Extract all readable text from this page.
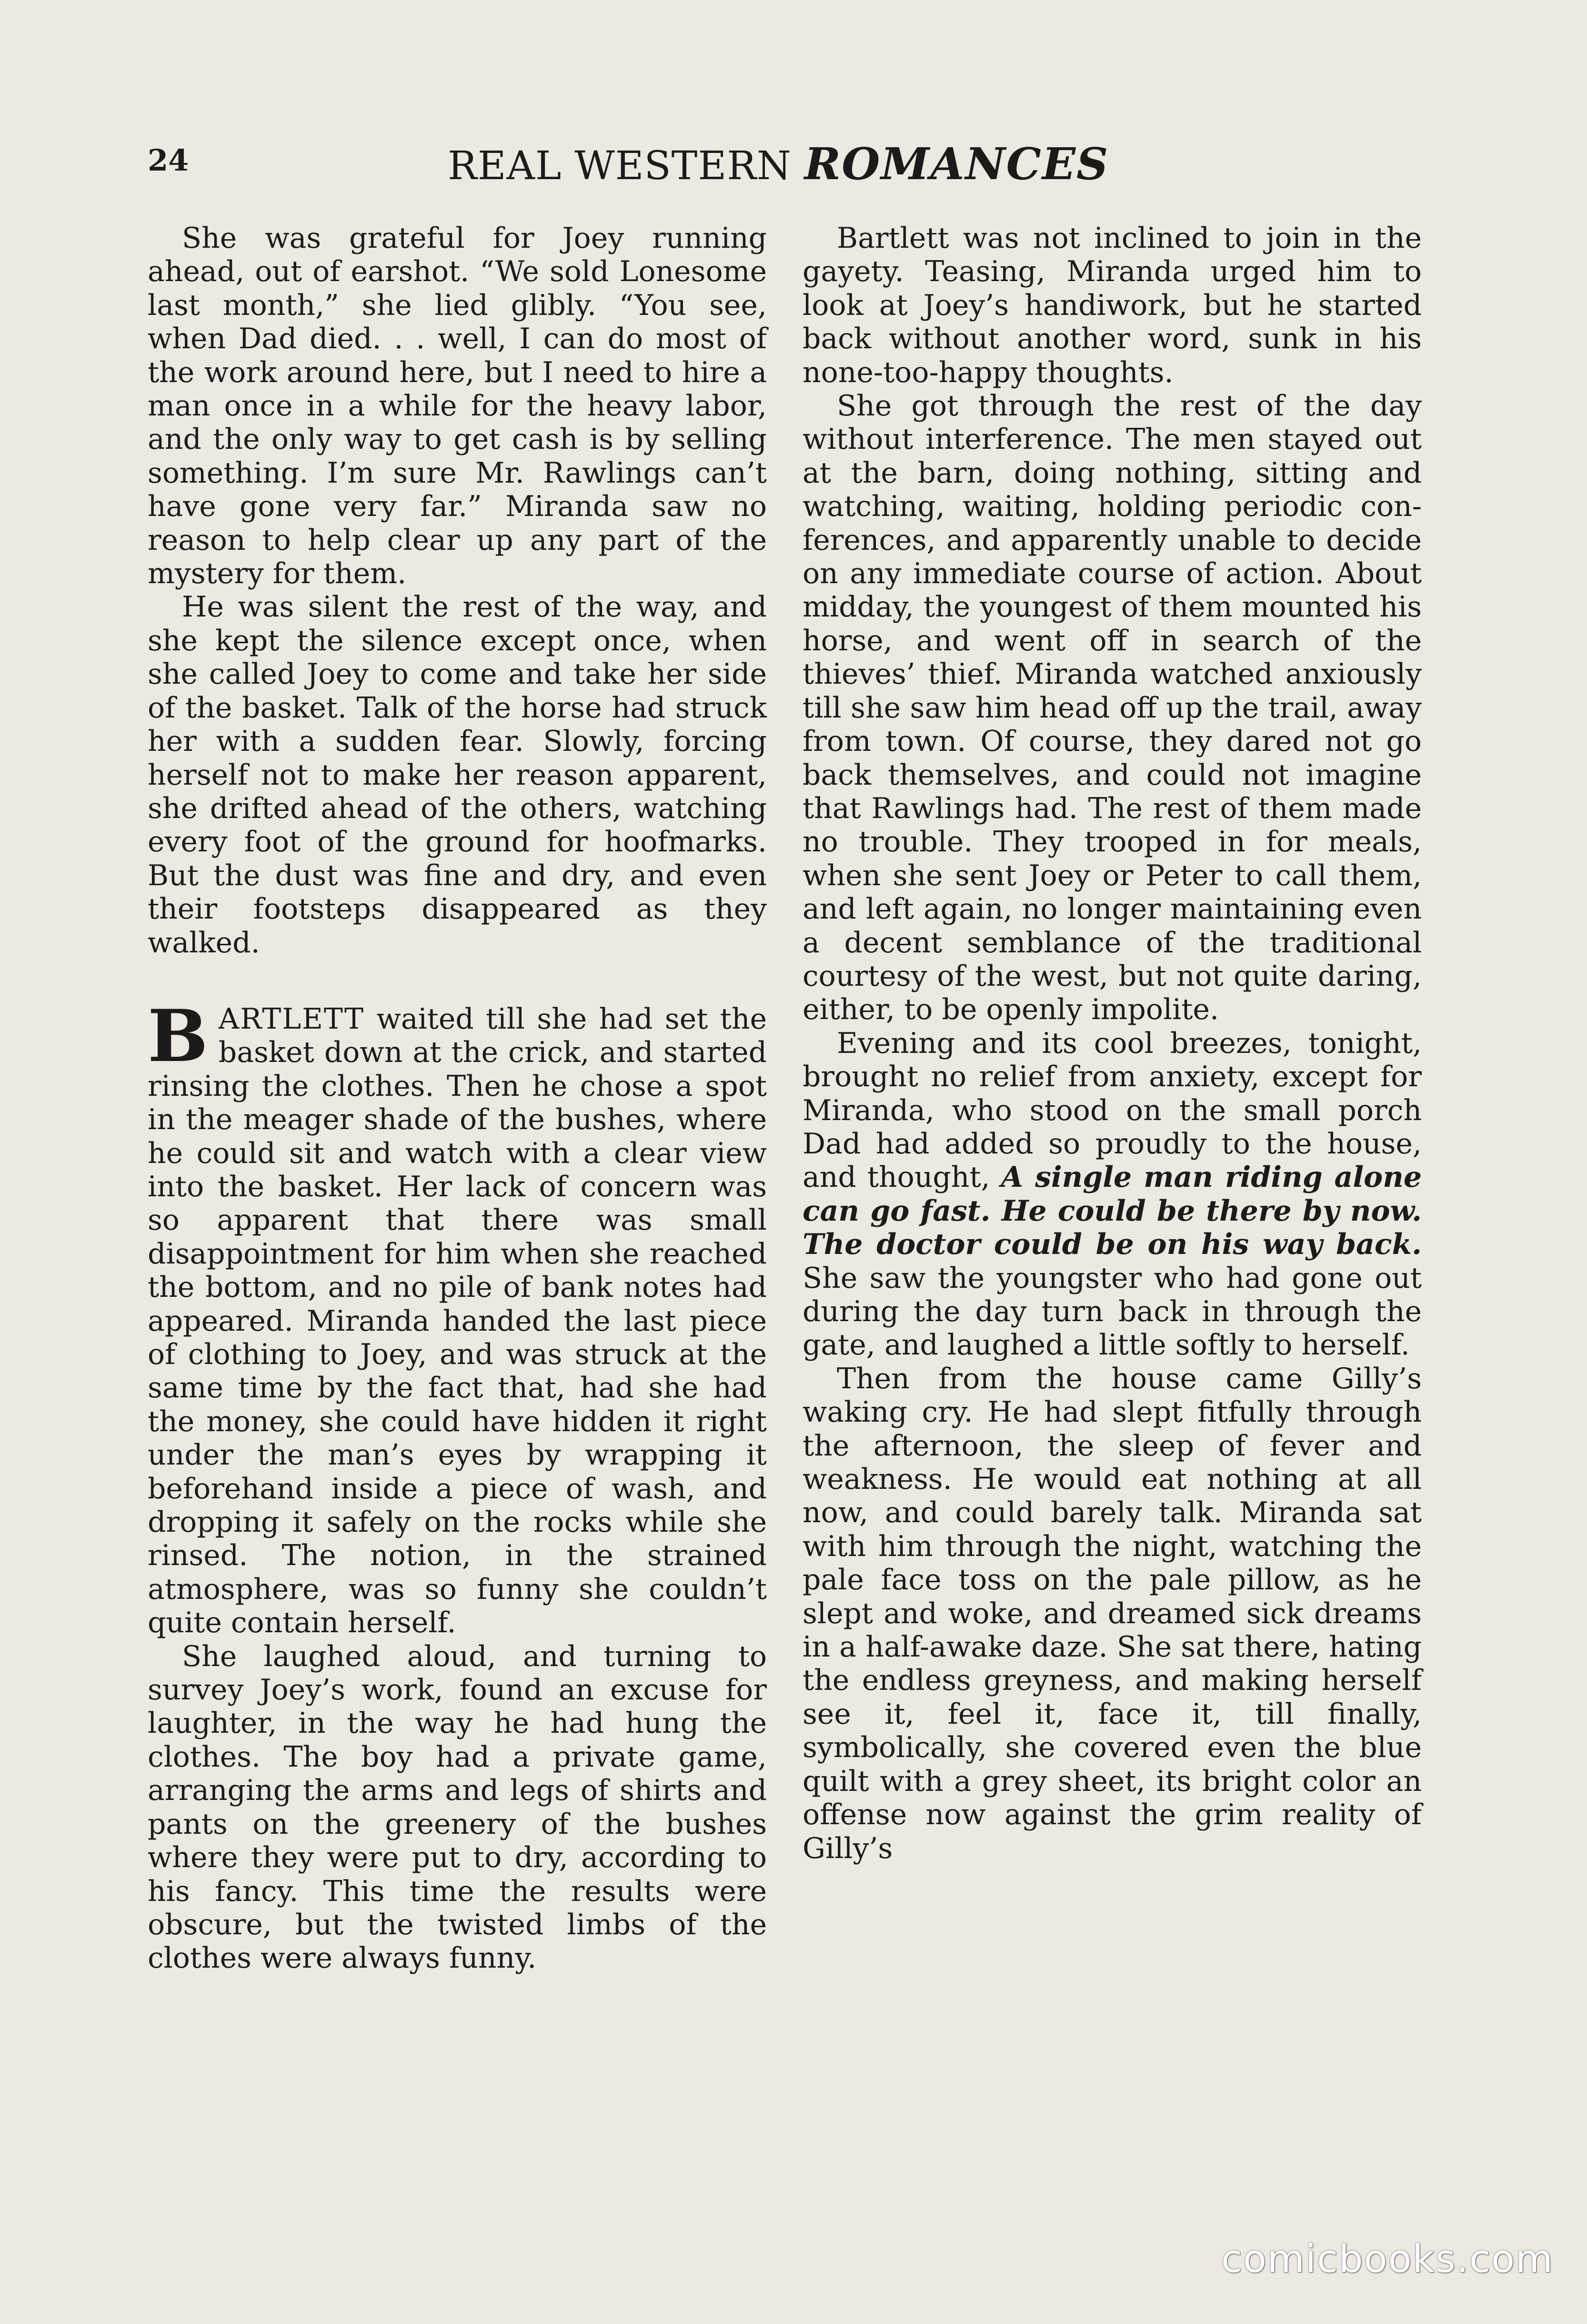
24	REAL WESTERN ROMANCES

She was grateful for Joey running ahead, out of earshot. “We sold Lonesome last month,” she lied glibly. “You see, when Dad died. . . well, I can do most of the work around here, but I need to hire a man once in a while for the heavy labor, and the only way to get cash is by selling something. I’m sure Mr. Rawlings can’t have gone very far.” Miranda saw no reason to help clear up any part of the mystery for them.

He was silent the rest of the way, and she kept the silence except once, when she called Joey to come and take her side of the basket. Talk of the horse had struck her with a sudden fear. Slowly, forcing herself not to make her reason apparent, she drifted ahead of the others, watching every foot of the ground for hoofmarks. But the dust was fine and dry, and even their footsteps disappeared as they walked.

BARTLETT waited till she had set the basket down at the crick, and started rinsing the clothes. Then he chose a spot in the meager shade of the bushes, where he could sit and watch with a clear view into the basket. Her lack of concern was so apparent that there was small disappointment for him when she reached the bottom, and no pile of bank notes had appeared. Miranda handed the last piece of clothing to Joey, and was struck at the same time by the fact that, had she had the money, she could have hidden it right under the man’s eyes by wrapping it beforehand inside a piece of wash, and dropping it safely on the rocks while she rinsed. The notion, in the strained atmosphere, was so funny she couldn’t quite contain herself.

She laughed aloud, and turning to survey Joey’s work, found an excuse for laughter, in the way he had hung the clothes. The boy had a private game, arranging the arms and legs of shirts and pants on the greenery of the bushes where they were put to dry, according to his fancy. This time the results were obscure, but the twisted limbs of the clothes were always funny.

Bartlett was not inclined to join in the gayety. Teasing, Miranda urged him to look at Joey’s handiwork, but he started back without another word, sunk in his none-too-happy thoughts.

She got through the rest of the day without interference. The men stayed out at the barn, doing nothing, sitting and watching, waiting, holding periodic conferences, and apparently unable to decide on any immediate course of action. About midday, the youngest of them mounted his horse, and went off in search of the thieves’ thief. Miranda watched anxiously till she saw him head off up the trail, away from town. Of course, they dared not go back themselves, and could not imagine that Rawlings had. The rest of them made no trouble. They trooped in for meals, when she sent Joey or Peter to call them, and left again, no longer maintaining even a decent semblance of the traditional courtesy of the west, but not quite daring, either, to be openly impolite.

Evening and its cool breezes, tonight, brought no relief from anxiety, except for Miranda, who stood on the small porch Dad had added so proudly to the house, and thought, A single man riding alone can go fast. He could be there by now. The doctor could be on his way back. She saw the youngster who had gone out during the day turn back in through the gate, and laughed a little softly to herself.

Then from the house came Gilly’s waking cry. He had slept fitfully through the afternoon, the sleep of fever and weakness. He would eat nothing at all now, and could barely talk. Miranda sat with him through the night, watching the pale face toss on the pale pillow, as he slept and woke, and dreamed sick dreams in a half-awake daze. She sat there, hating the endless greyness, and making herself see it, feel it, face it, till finally, symbolically, she covered even the blue quilt with a grey sheet, its bright color an offense now against the grim reality of Gilly’s

comicbooks.com
